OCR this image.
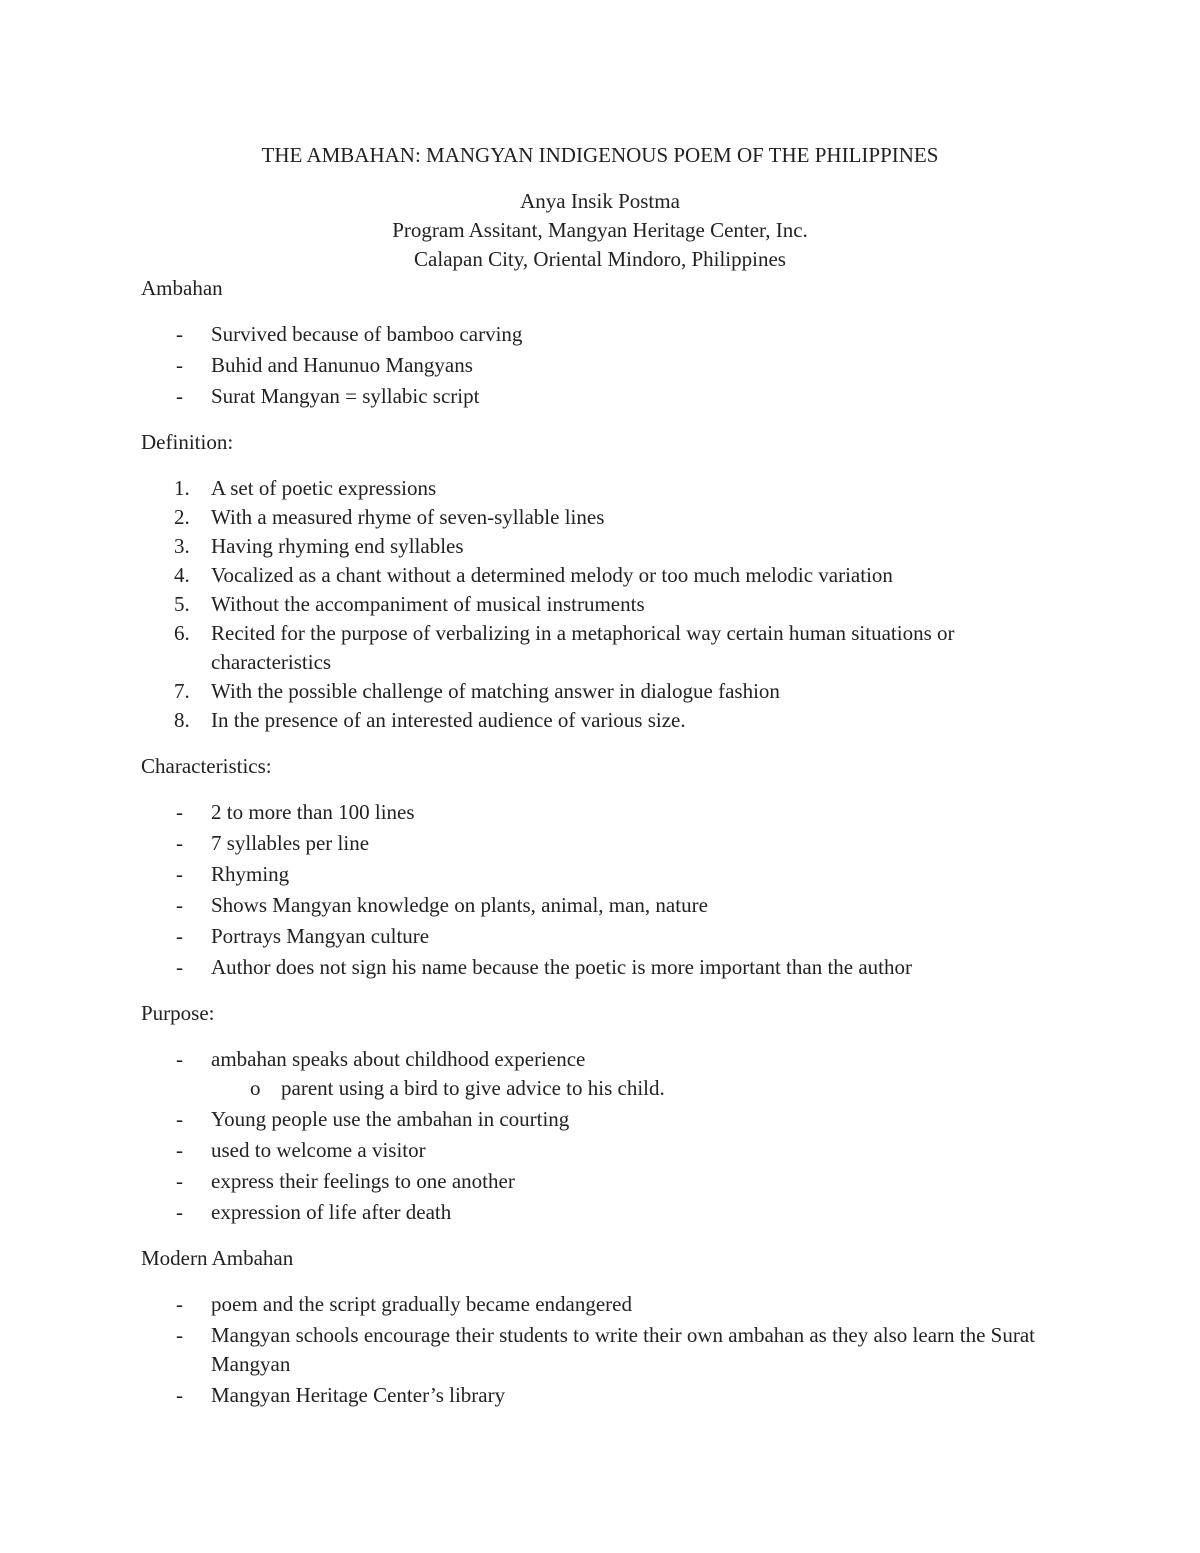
THE AMBAHAN: MANGYAN INDIGENOUS POEM OF THE PHILIPPINES

Anya Insik Postma

Program Assitant, Mangyan Heritage Center, Inc.

Calapan City, Oriental Mindoro, Philippines

Ambahan

- Survived because of bamboo carving
- Buhid and Hanunuo Mangyans
- Surat Mangyan = syllabic script

Definition:

1. A set of poetic expressions
2. With a measured rhyme of seven-syllable lines
3. Having rhyming end syllables
4. Vocalized as a chant without a determined melody or too much melodic variation
5. Without the accompaniment of musical instruments
6. Recited for the purpose of verbalizing in a metaphorical way certain human situations or characteristics
7. With the possible challenge of matching answer in dialogue fashion
8. In the presence of an interested audience of various size.

Characteristics:

- 2 to more than 100 lines
- 7 syllables per line
- Rhyming
- Shows Mangyan knowledge on plants, animal, man, nature
- Portrays Mangyan culture
- Author does not sign his name because the poetic is more important than the author

Purpose:

- ambahan speaks about childhood experience
o parent using a bird to give advice to his child.
- Young people use the ambahan in courting
- used to welcome a visitor
- express their feelings to one another
- expression of life after death

Modern Ambahan

- poem and the script gradually became endangered
- Mangyan schools encourage their students to write their own ambahan as they also learn the Surat Mangyan
- Mangyan Heritage Center’s library
